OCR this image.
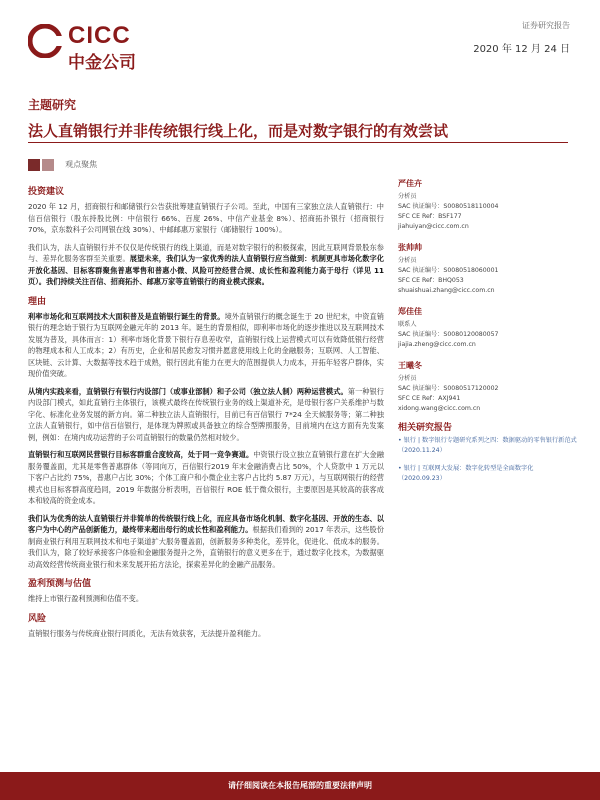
CICC
中金公司
证券研究报告
2020 年 12 月 24 日
主题研究
法人直销银行并非传统银行线上化，而是对数字银行的有效尝试
观点聚焦
投资建议

2020 年 12 月，招商银行和邮储银行公告获批筹建直销银行子公司。至此，中国有三家独立法人直销银行：中信百信银行（股东持股比例：中信银行 66%、百度 26%、中信产业基金 8%）、招商拓扑银行（招商银行 70%，京东数科子公司网银在线 30%）、中邮邮惠万家银行（邮储银行 100%）。

我们认为，法人直销银行并不仅仅是传统银行的线上渠道，而是对数字银行的积极探索，因此互联网背景股东参与、差异化服务客群至关重要。展望未来，我们认为一家优秀的法人直销银行应当做到：机制更具市场化数字化开放化基因、目标客群聚焦普惠零售和普惠小微、风险可控经营合规、成长性和盈利能力高于母行（详见 11 页）。我们持续关注百信、招商拓扑、邮惠万家等直销银行的商业模式探索。

理由

利率市场化和互联网技术大面积普及是直销银行诞生的背景。境外直销银行的概念诞生于 20 世纪末，中资直销银行的理念始于银行为互联网金融元年的 2013 年。诞生的背景相似，即利率市场化的逐步推进以及互联网技术发展为普及，具体而言：1）利率市场化背景下银行存息差收窄，直销银行线上运营模式可以有效降低银行经营的物理成本和人工成本；2）有历史，企业和居民愈发习惯并愿意使用线上化的金融服务；互联网、人工智能、区块链、云计算、大数据等技术趋于成熟，银行因此有能力在更大的范围提供人力成本，开拓年轻客户群体，实现价值突破。

从境内实践来看，直销银行有银行内设部门（或事业部制）和子公司（独立法人制）两种运营模式。第一种银行内设部门模式，如此直销行主体银行，该模式最终在传统银行业务的线上渠道补充，是母银行客户关系维护与数字化、标准化业务发展的新方向。第二种独立法人直销银行，目前已有百信银行 7*24 全天候服务等；第二种独立法人直销银行，如中信百信银行，是体现为牌照或具备独立的综合型牌照服务，目前境内在这方面有先发案例，例如：在境内成功运营的子公司直销银行的数量仍然相对较少。

直销银行和互联网民营银行目标客群重合度较高，处于同一竞争赛道。中资银行设立独立直销银行意在扩大金融服务覆盖面，尤其是零售普惠群体（等同向万，百信银行2019 年末金融消费占比 50%，个人贷款中 1 万元以下客户占比约 75%，普惠户占比 30%；个体工商户和小微企业主客户占比约 5.87 万元），与互联网银行的经营模式也目标客群高度趋同，2019 年数据分析表明，百信银行 ROE 低于微众银行，主要原因是其较高的获客成本和较高的资金成本。

我们认为优秀的法人直销银行并非简单的传统银行线上化，而应具备市场化机制、数字化基因、开放的生态、以客户为中心的产品创新能力，最终带来超出母行的成长性和盈利能力。根据我们看到的 2017 年表示，这些股份制商业银行利用互联网技术和电子渠道扩大服务覆盖面，创新服务多种类化，差异化，促进化、低成本的服务。我们认为，除了较好承接客户体验和金融服务提升之外，直销银行的意义更多在于，通过数字化技术，为数据驱动高效经营传统商业银行和未来发展开拓方法论，探索差异化的金融产品服务。

盈利预测与估值

维持上市银行盈利预测和估值不变。

风险

直销银行服务与传统商业银行同质化，无法有效获客，无法提升盈利能力。

严佳卉
分析员
SAC 执证编号：S0080518110004
SFC CE Ref：BSF177
jiahuiyan@cicc.com.cn
张帅帅
分析员
SAC 执证编号：S0080518060001
SFC CE Ref：BHQ053
shuaishuai.zhang@cicc.com.cn
郑佳佳
联系人
SAC 执证编号：S0080120080057
jiajia.zheng@cicc.com.cn
王曦冬
分析员
SAC 执证编号：S0080517120002
SFC CE Ref：AXJ941
xidong.wang@cicc.com.cn
相关研究报告
• 银行 | 数字银行专题研究系列之四：数据驱动的零售银行新范式（2020.11.24）
• 银行 | 互联网大发展：数字化转型是全面数字化（2020.09.23）
请仔细阅读在本报告尾部的重要法律声明
